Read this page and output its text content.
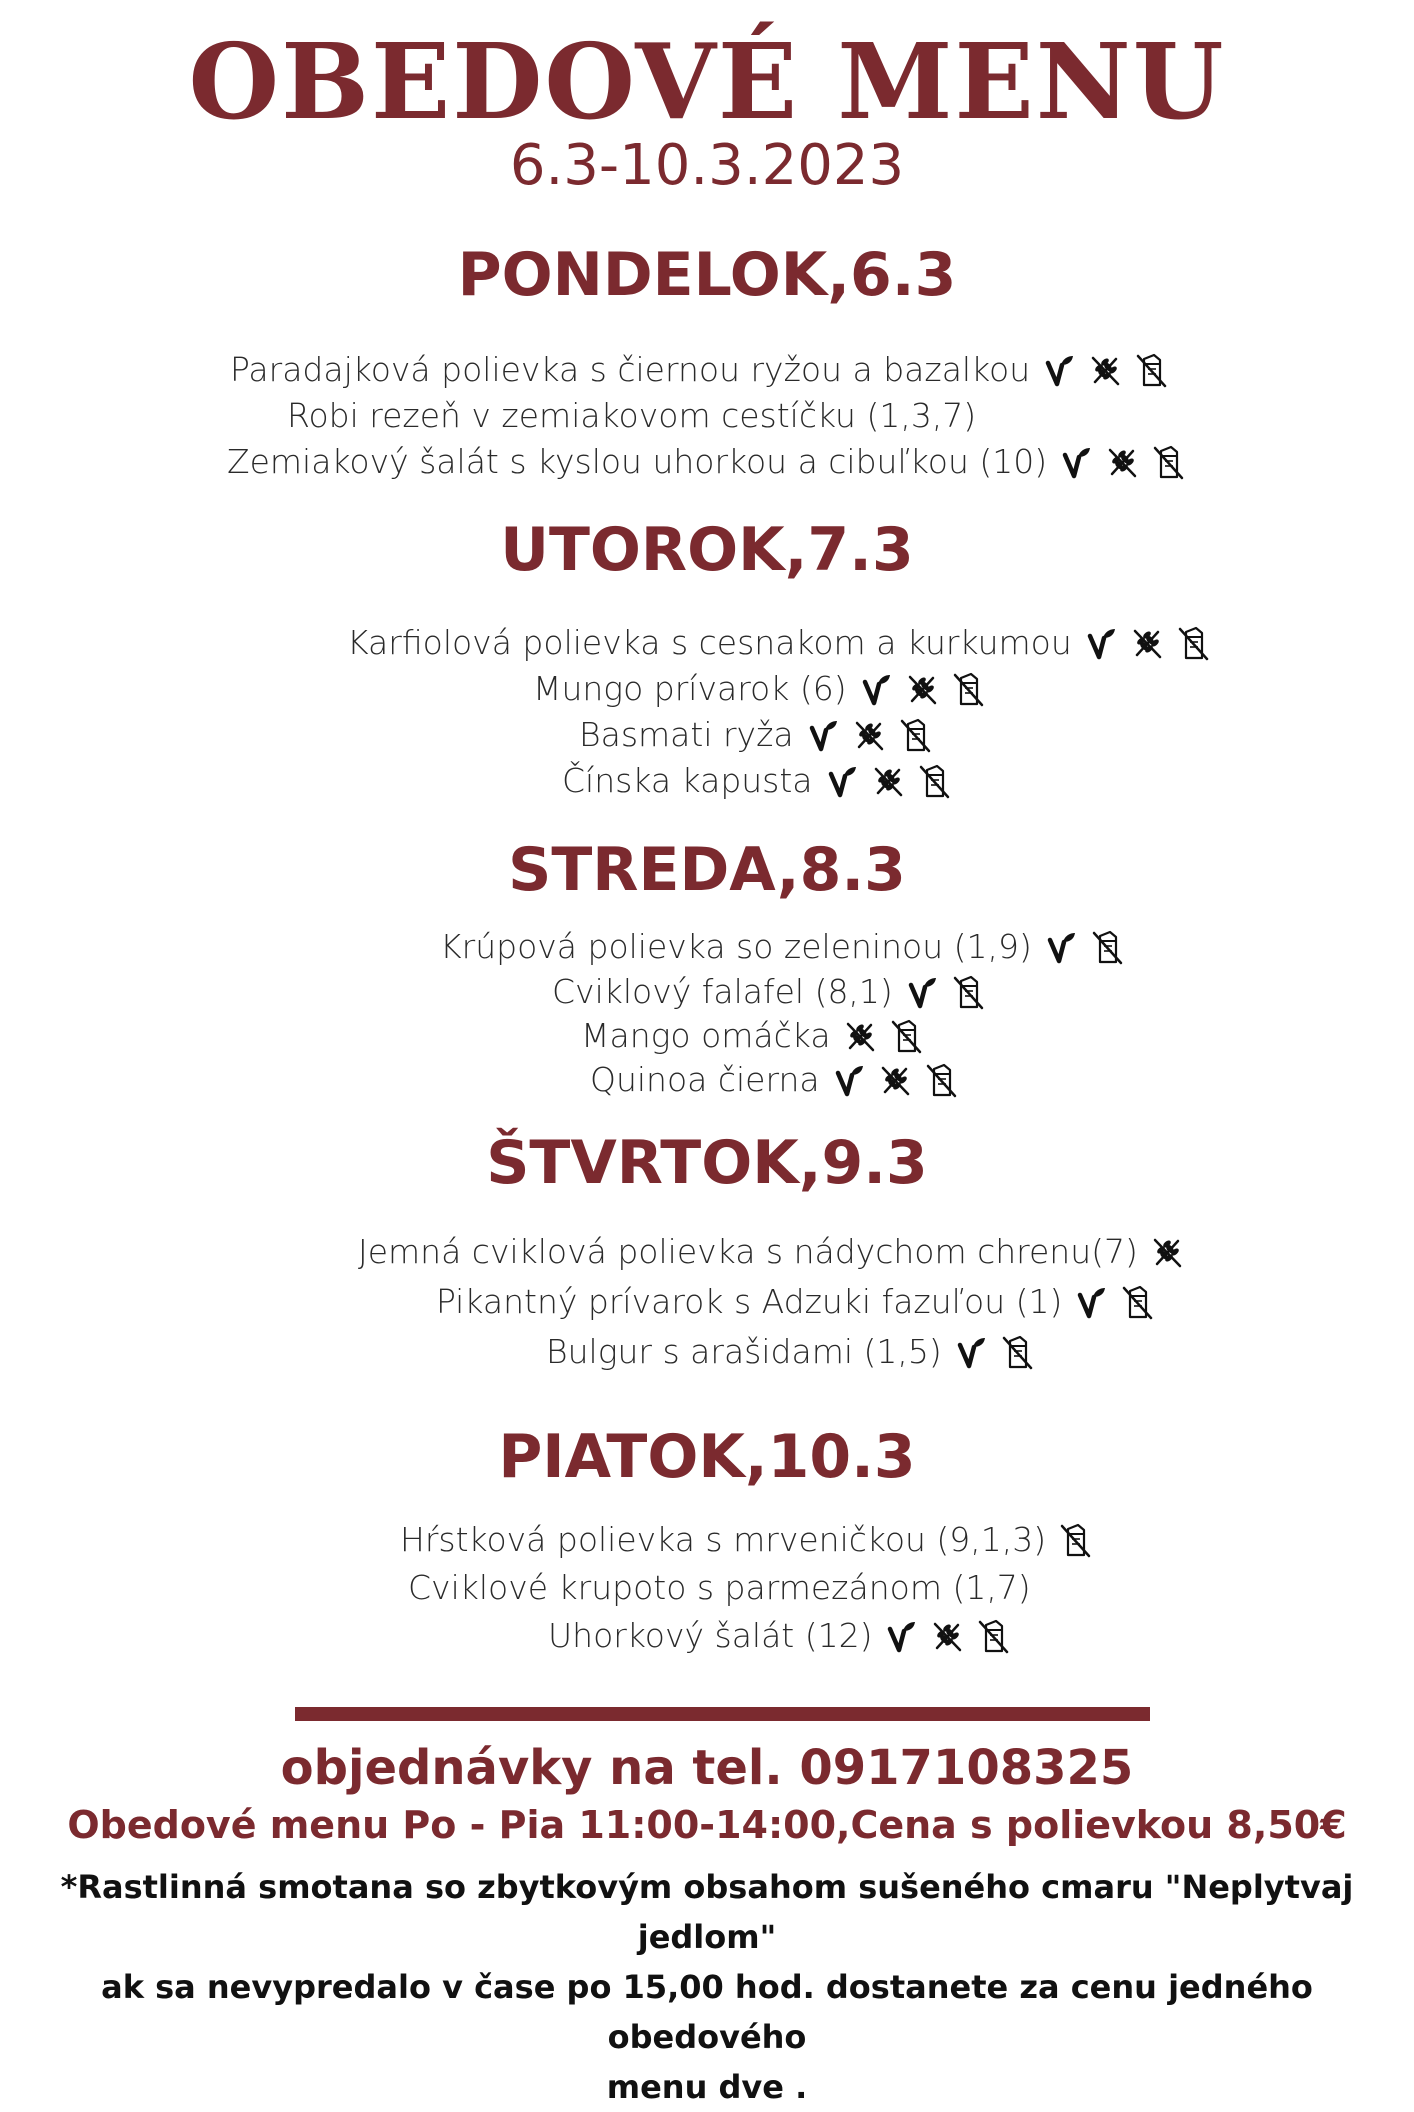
OBEDOVÉ MENU
6.3-10.3.2023
PONDELOK,6.3
Paradajková polievka s čiernou ryžou a bazalkou
Robi rezeň v zemiakovom cestíčku (1,3,7)
Zemiakový šalát s kyslou uhorkou a cibuľkou (10)
UTOROK,7.3
Karfiolová polievka s cesnakom a kurkumou
Mungo prívarok (6)
Basmati ryža
Čínska kapusta
STREDA,8.3
Krúpová polievka so zeleninou (1,9)
Cviklový falafel (8,1)
Mango omáčka
Quinoa čierna
ŠTVRTOK,9.3
Jemná cviklová polievka s nádychom chrenu(7)
Pikantný prívarok s Adzuki fazuľou (1)
Bulgur s arašidami (1,5)
PIATOK,10.3
Hŕstková polievka s mrveničkou (9,1,3)
Cviklové krupoto s parmezánom (1,7)
Uhorkový šalát (12)
objednávky na tel. 0917108325
Obedové menu Po - Pia 11:00-14:00,Cena s polievkou 8,50€
*Rastlinná smotana so zbytkovým obsahom sušeného cmaru "Neplytvaj jedlom"
ak sa nevypredalo v čase po 15,00 hod. dostanete za cenu jedného obedového
menu dve .
